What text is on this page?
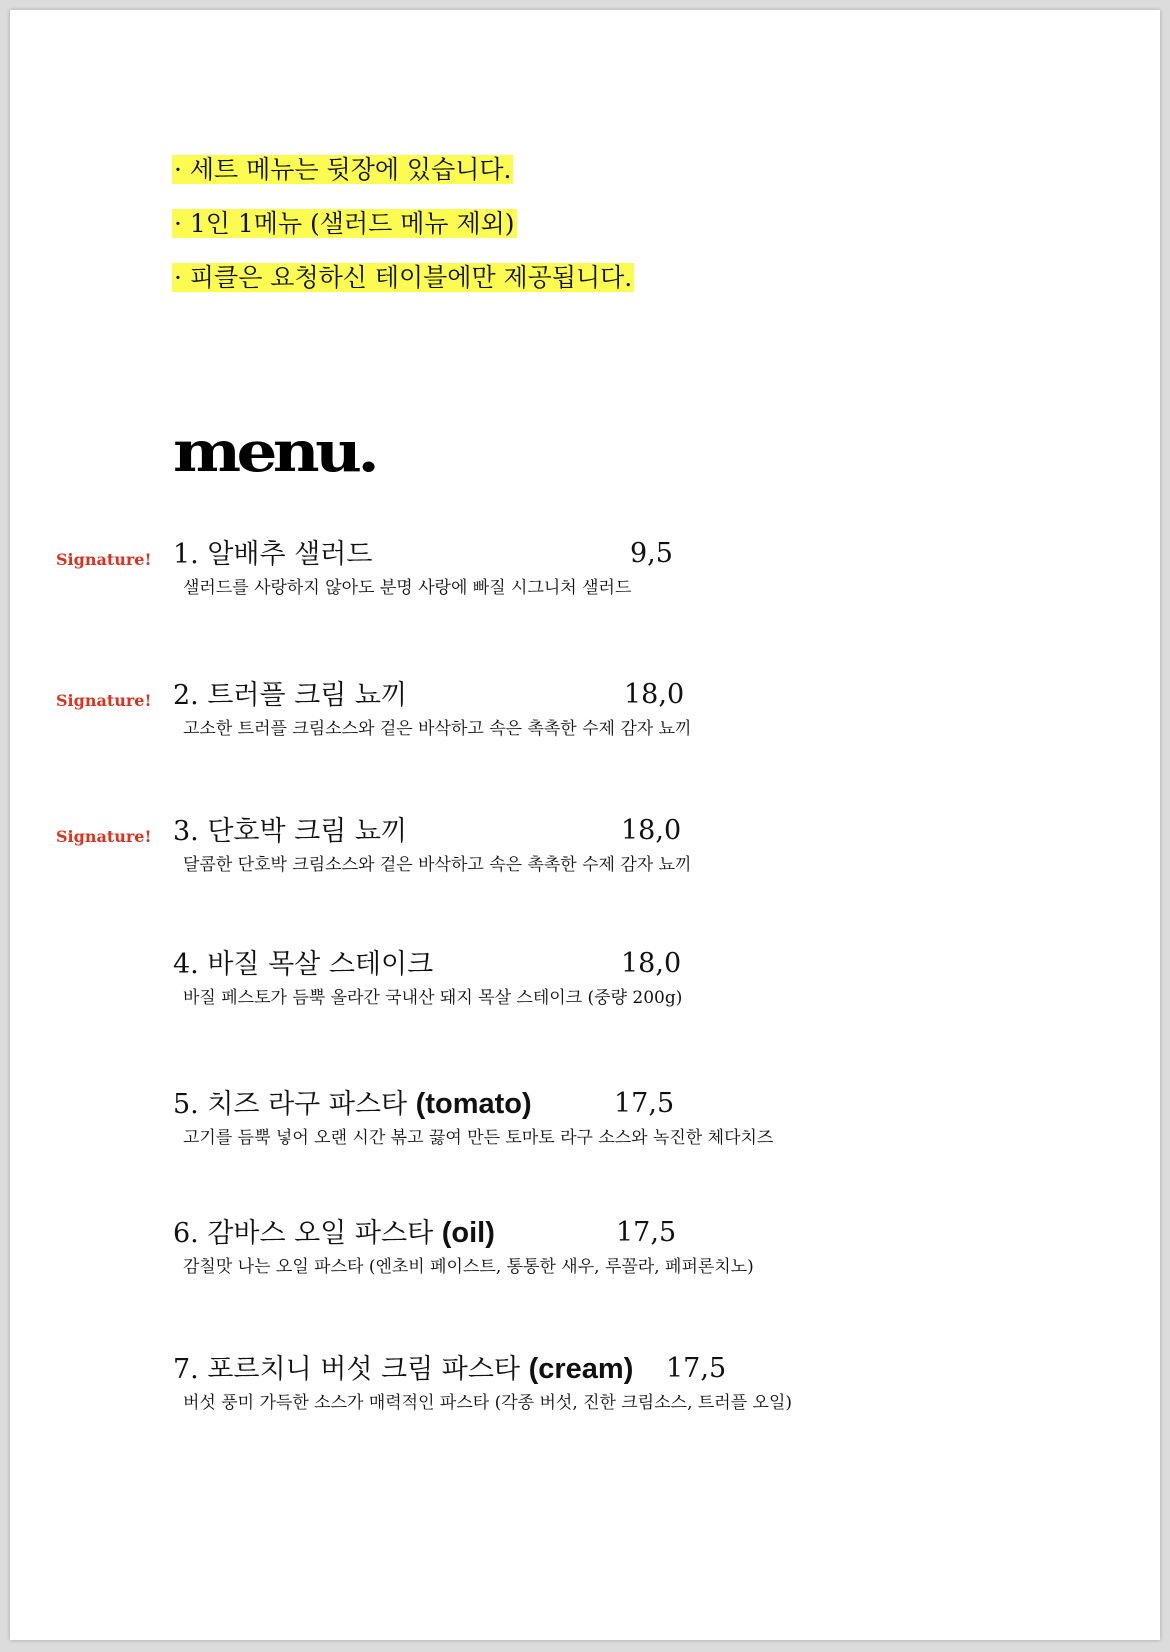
· 세트 메뉴는 뒷장에 있습니다.
· 1인 1메뉴 (샐러드 메뉴 제외)
· 피클은 요청하신 테이블에만 제공됩니다.
menu.
Signature! 1. 알배추 샐러드	9,5
샐러드를 사랑하지 않아도 분명 사랑에 빠질 시그니처 샐러드
Signature! 2. 트러플 크림 뇨끼	18,0
고소한 트러플 크림소스와 겉은 바삭하고 속은 촉촉한 수제 감자 뇨끼
Signature! 3. 단호박 크림 뇨끼	18,0
달콤한 단호박 크림소스와 겉은 바삭하고 속은 촉촉한 수제 감자 뇨끼
4. 바질 목살 스테이크	18,0
바질 페스토가 듬뿍 올라간 국내산 돼지 목살 스테이크 (중량 200g)
5. 치즈 라구 파스타 (tomato)	17,5
고기를 듬뿍 넣어 오랜 시간 볶고 끓여 만든 토마토 라구 소스와 녹진한 체다치즈
6. 감바스 오일 파스타 (oil)	17,5
감칠맛 나는 오일 파스타 (엔초비 페이스트, 통통한 새우, 루꼴라, 페퍼론치노)
7. 포르치니 버섯 크림 파스타 (cream) 17,5
버섯 풍미 가득한 소스가 매력적인 파스타 (각종 버섯, 진한 크림소스, 트러플 오일)
